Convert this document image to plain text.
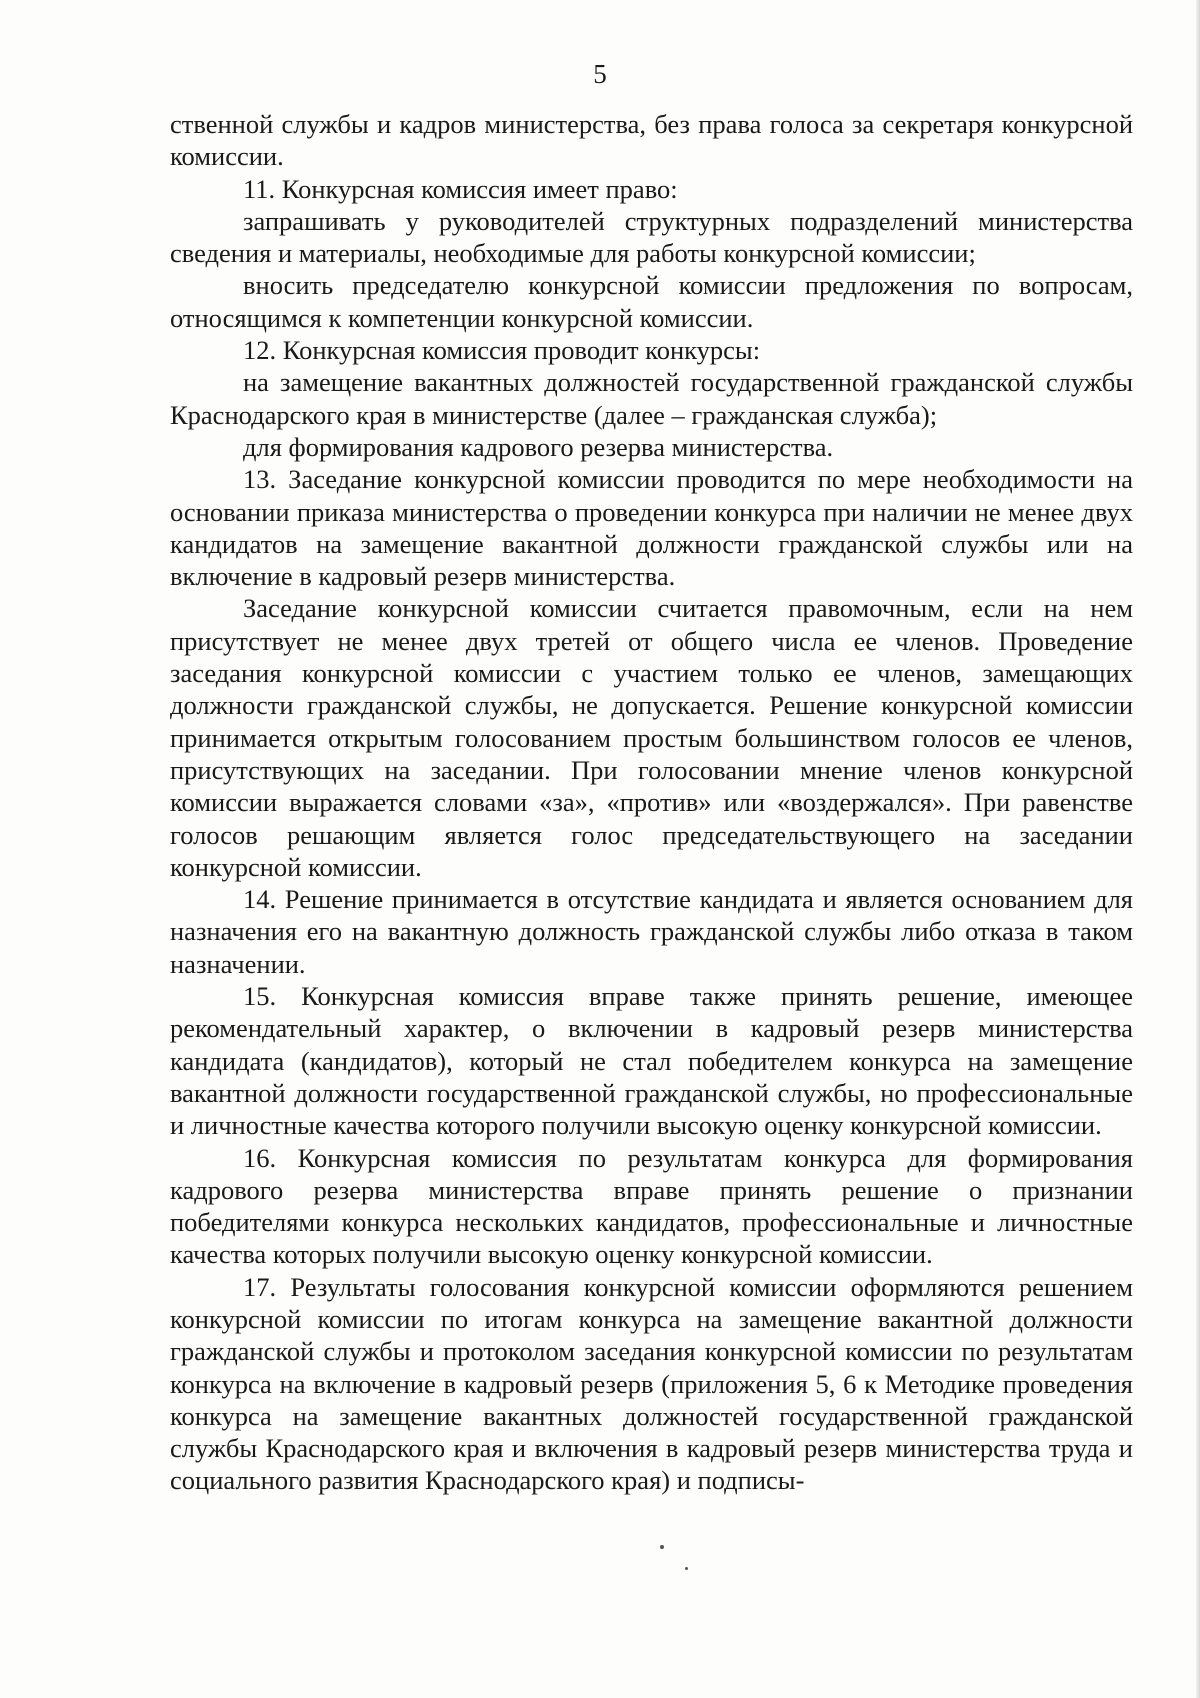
5

ственной службы и кадров министерства, без права голоса за секретаря конкурсной комиссии.

11. Конкурсная комиссия имеет право:

запрашивать у руководителей структурных подразделений министерства сведения и материалы, необходимые для работы конкурсной комиссии;

вносить председателю конкурсной комиссии предложения по вопросам, относящимся к компетенции конкурсной комиссии.

12. Конкурсная комиссия проводит конкурсы:

на замещение вакантных должностей государственной гражданской службы Краснодарского края в министерстве (далее – гражданская служба);

для формирования кадрового резерва министерства.

13. Заседание конкурсной комиссии проводится по мере необходимости на основании приказа министерства о проведении конкурса при наличии не менее двух кандидатов на замещение вакантной должности гражданской службы или на включение в кадровый резерв министерства.

Заседание конкурсной комиссии считается правомочным, если на нем присутствует не менее двух третей от общего числа ее членов. Проведение заседания конкурсной комиссии с участием только ее членов, замещающих должности гражданской службы, не допускается. Решение конкурсной комиссии принимается открытым голосованием простым большинством голосов ее членов, присутствующих на заседании. При голосовании мнение членов конкурсной комиссии выражается словами «за», «против» или «воздержался». При равенстве голосов решающим является голос председательствующего на заседании конкурсной комиссии.

14. Решение принимается в отсутствие кандидата и является основанием для назначения его на вакантную должность гражданской службы либо отказа в таком назначении.

15. Конкурсная комиссия вправе также принять решение, имеющее рекомендательный характер, о включении в кадровый резерв министерства кандидата (кандидатов), который не стал победителем конкурса на замещение вакантной должности государственной гражданской службы, но профессиональные и личностные качества которого получили высокую оценку конкурсной комиссии.

16. Конкурсная комиссия по результатам конкурса для формирования кадрового резерва министерства вправе принять решение о признании победителями конкурса нескольких кандидатов, профессиональные и личностные качества которых получили высокую оценку конкурсной комиссии.

17. Результаты голосования конкурсной комиссии оформляются решением конкурсной комиссии по итогам конкурса на замещение вакантной должности гражданской службы и протоколом заседания конкурсной комиссии по результатам конкурса на включение в кадровый резерв (приложения 5, 6 к Методике проведения конкурса на замещение вакантных должностей государственной гражданской службы Краснодарского края и включения в кадровый резерв министерства труда и социального развития Краснодарского края) и подписы-
